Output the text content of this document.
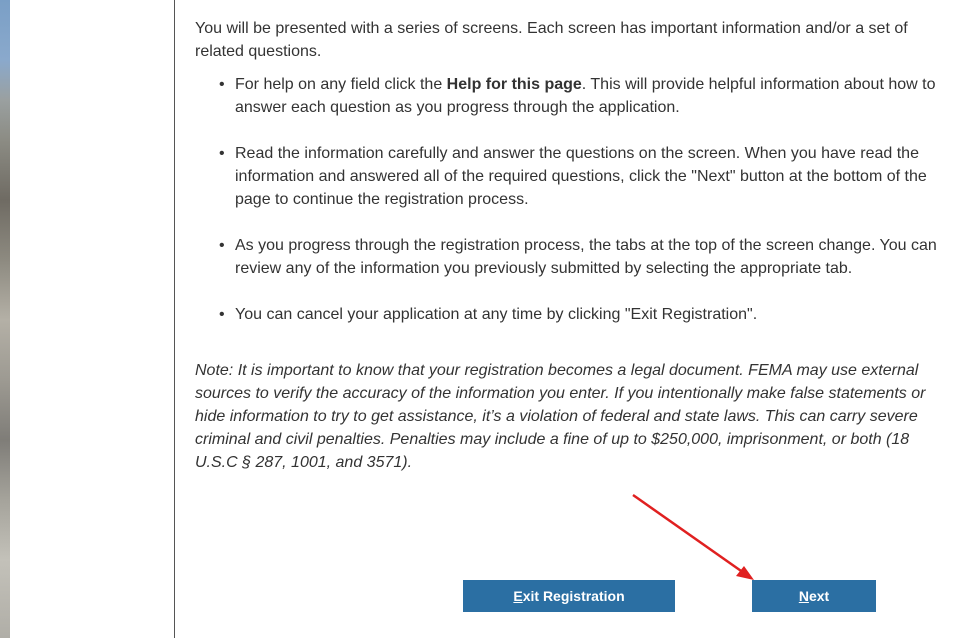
You will be presented with a series of screens. Each screen has important information and/or a set of related questions.

• For help on any field click the Help for this page. This will provide helpful information about how to answer each question as you progress through the application.
• Read the information carefully and answer the questions on the screen. When you have read the information and answered all of the required questions, click the "Next" button at the bottom of the page to continue the registration process.
• As you progress through the registration process, the tabs at the top of the screen change. You can review any of the information you previously submitted by selecting the appropriate tab.
• You can cancel your application at any time by clicking "Exit Registration".

Note: It is important to know that your registration becomes a legal document. FEMA may use external sources to verify the accuracy of the information you enter. If you intentionally make false statements or hide information to try to get assistance, it’s a violation of federal and state laws. This can carry severe criminal and civil penalties. Penalties may include a fine of up to $250,000, imprisonment, or both (18 U.S.C § 287, 1001, and 3571).

E xit Registration	N ext
